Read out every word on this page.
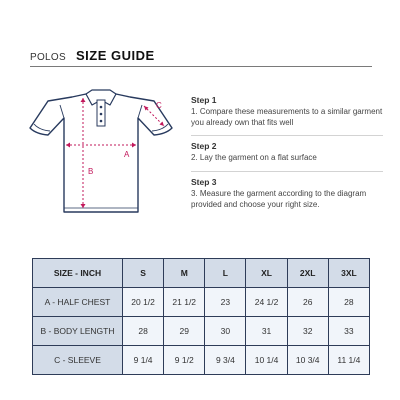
POLOS SIZE GUIDE
A
B
C
Step 1
1. Compare these measurements to a similar garment you already own that fits well
Step 2
2. Lay the garment on a flat surface
Step 3
3. Measure the garment according to the diagram provided and choose your right size.
SIZE - INCH	S	M	L	XL	2XL	3XL
A - HALF CHEST	20 1/2	21 1/2	23	24 1/2	26	28
B - BODY LENGTH	28	29	30	31	32	33
C - SLEEVE	9 1/4	9 1/2	9 3/4	10 1/4	10 3/4	11 1/4
